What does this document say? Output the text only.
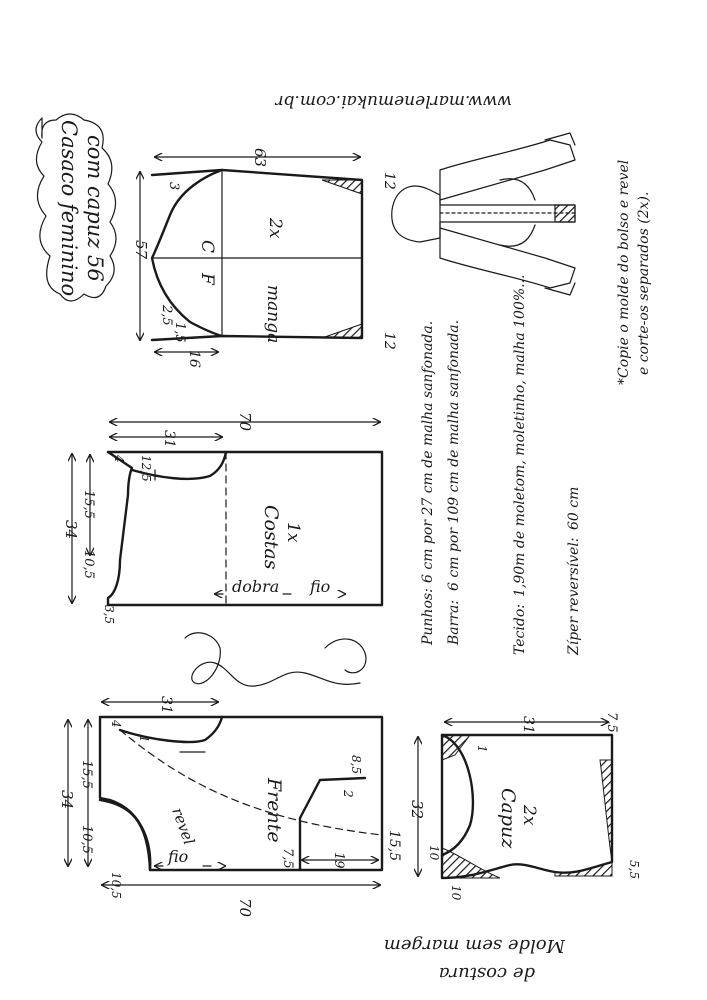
Casaco feminino com capuz
56
www.marlenemukai.com.br
C
F
2x
manga
63
57
3
2,5
1,5
12
12
16
Costas 1x
dobra fio
70
31
34
15,5
10,5
4 12,5
3,5	Punhos:
6 cm por 27 cm de malha sanfonada.
Barra:
6 cm por 109 cm de malha sanfonada.
Tecido:
1,90m de moletom, moletinho, malha 100%...	Zíper reversível:
60 cm
*Copie o molde do bolso e revel e corte-os separados (2x).
Frente
revel
fio
70
31
34
15,5
10,5
4
1
10,5
15,5
19
7,5
2
8,5
Molde sem margem
de costura
Capuz 2x
31	7,5
32
10
10
5,5
1
